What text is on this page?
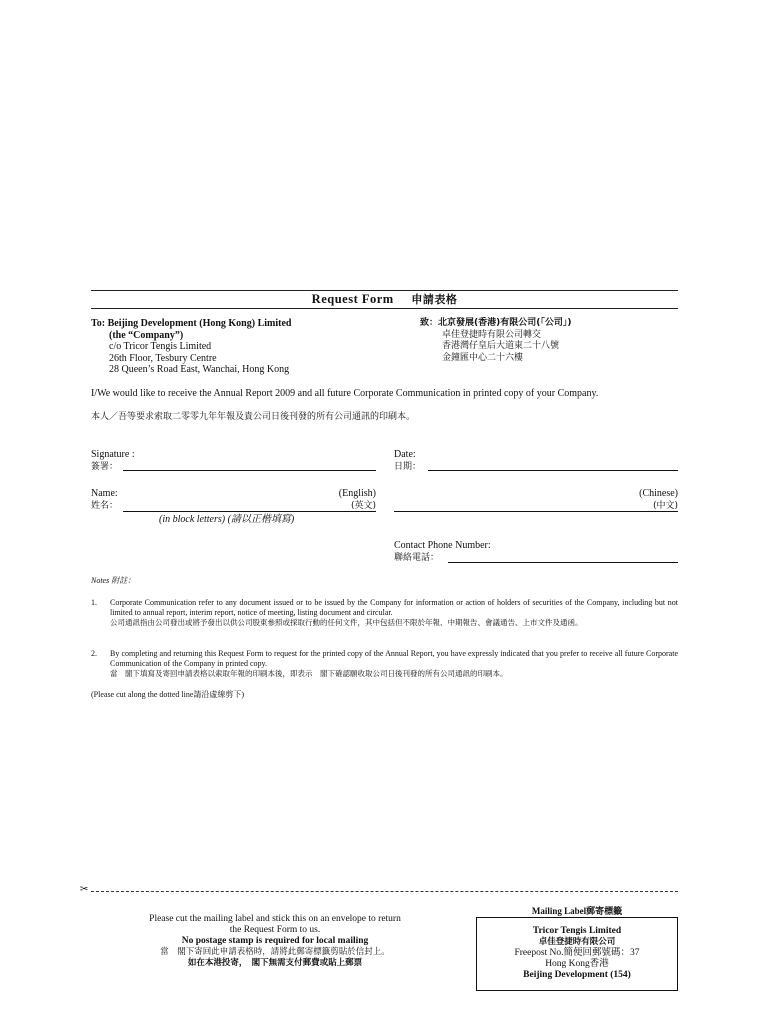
Request Form 申請表格
To: Beijing Development (Hong Kong) Limited
(the “Company”)
c/o Tricor Tengis Limited
26th Floor, Tesbury Centre
28 Queen’s Road East, Wanchai, Hong Kong
致：北京發展(香港)有限公司(「公司」)
卓佳登捷時有限公司轉交
香港灣仔皇后大道東二十八號
金鐘匯中心二十六樓
I/We would like to receive the Annual Report 2009 and all future Corporate Communication in printed copy of your Company.
本人／吾等要求索取二零零九年年報及貴公司日後刊發的所有公司通訊的印刷本。
Signature :
簽署：
Date:
日期：
Name:
姓名：
(English)
(英文)
(in block letters) (請以正楷填寫)
(Chinese)
(中文)
Contact Phone Number:
聯絡電話：
Notes 附註：
1. Corporate Communication refer to any document issued or to be issued by the Company for information or action of holders of securities of the Company, including but not limited to annual report, interim report, notice of meeting, listing document and circular.
公司通訊指由公司發出或將予發出以供公司股東參照或採取行動的任何文件，其中包括但不限於年報、中期報告、會議通告、上市文件及通函。
2. By completing and returning this Request Form to request for the printed copy of the Annual Report, you have expressly indicated that you prefer to receive all future Corporate Communication of the Company in printed copy.
當　閣下填寫及寄回申請表格以索取年報的印刷本後，即表示　閣下確認願收取公司日後刊發的所有公司通訊的印刷本。
(Please cut along the dotted line請沿虛線剪下)
✂
Please cut the mailing label and stick this on an envelope to return
the Request Form to us.
No postage stamp is required for local mailing
當　閣下寄回此申請表格時，請將此郵寄標籤剪貼於信封上。
如在本港投寄，　閣下無需支付郵費或貼上郵票
Mailing Label郵寄標籤
Tricor Tengis Limited
卓佳登捷時有限公司
Freepost No.簡便回郵號碼：37
Hong Kong香港
Beijing Development (154)
